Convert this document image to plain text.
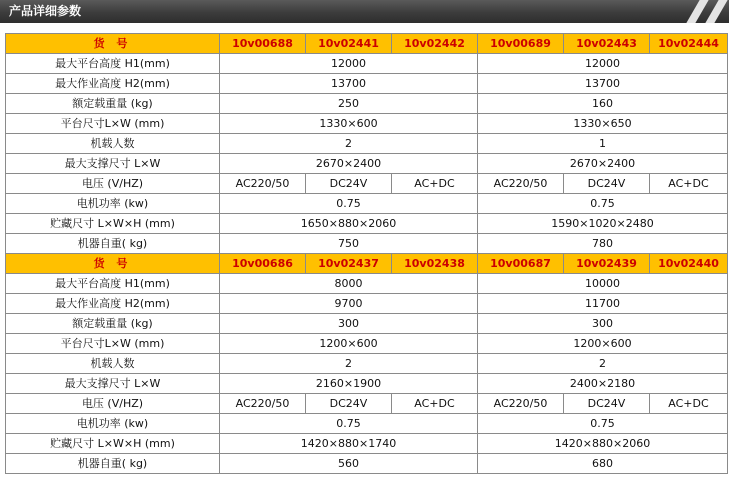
产品详细参数
货 号	10v00688	10v02441	10v02442	10v00689	10v02443	10v02444
最大平台高度 H1(mm)	12000			12000		
最大作业高度 H2(mm)	13700			13700		
额定载重量 (kg)	250			160		
平台尺寸L×W (mm)	1330×600			1330×650		
机载人数	2			1		
最大支撑尺寸 L×W	2670×2400			2670×2400		
电压 (V/HZ)	AC220/50	DC24V	AC+DC	AC220/50	DC24V	AC+DC
电机功率 (kw)	0.75			0.75		
贮藏尺寸 L×W×H (mm)	1650×880×2060			1590×1020×2480		
机器自重( kg)	750			780		
货 号	10v00686	10v02437	10v02438	10v00687	10v02439	10v02440
最大平台高度 H1(mm)	8000			10000		
最大作业高度 H2(mm)	9700			11700		
额定载重量 (kg)	300			300		
平台尺寸L×W (mm)	1200×600			1200×600		
机载人数	2			2		
最大支撑尺寸 L×W	2160×1900			2400×2180		
电压 (V/HZ)	AC220/50	DC24V	AC+DC	AC220/50	DC24V	AC+DC
电机功率 (kw)	0.75			0.75		
贮藏尺寸 L×W×H (mm)	1420×880×1740			1420×880×2060		
机器自重( kg)	560			680		
